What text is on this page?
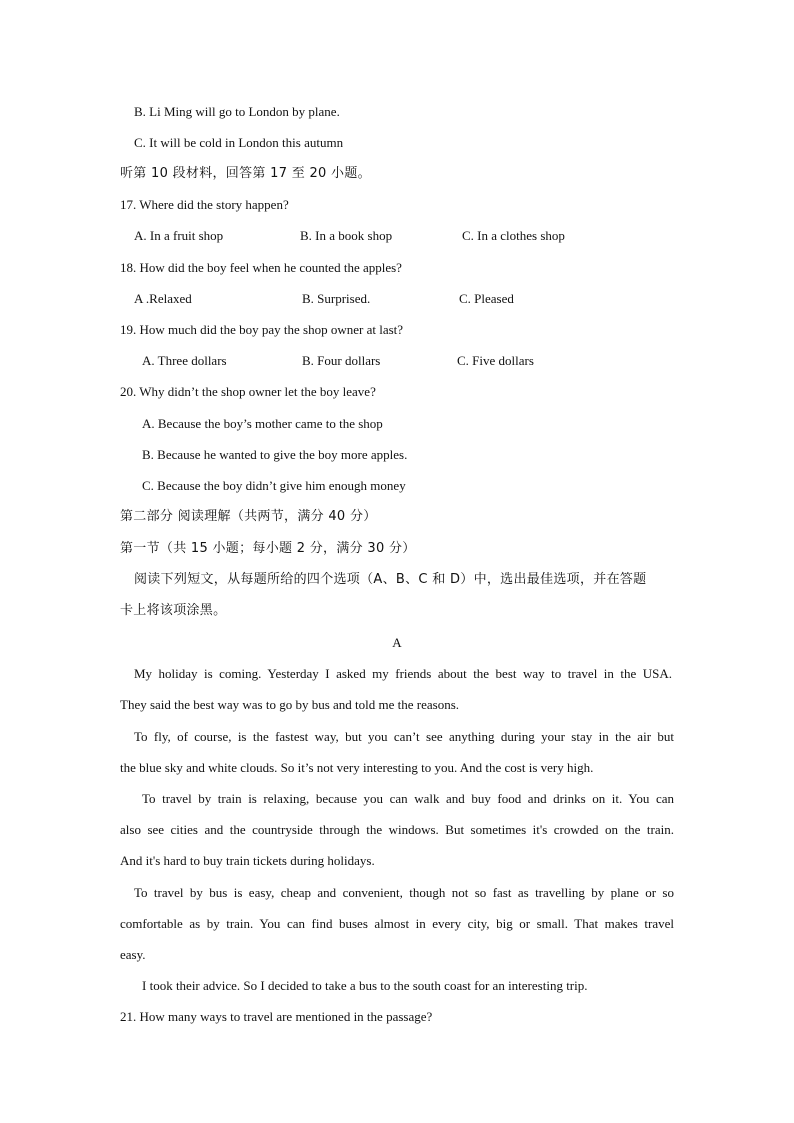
B. Li Ming will go to London by plane.
C. It will be cold in London this autumn
听第 10 段材料，回答第 17 至 20 小题。
17. Where did the story happen?
A. In a fruit shop	B. In a book shop	C. In a clothes shop
18. How did the boy feel when he counted the apples?
A .Relaxed	B. Surprised.	C. Pleased
19. How much did the boy pay the shop owner at last?
A. Three dollars	B. Four dollars	C. Five dollars
20. Why didn’t the shop owner let the boy leave?
A. Because the boy’s mother came to the shop
B. Because he wanted to give the boy more apples.
C. Because the boy didn’t give him enough money
第二部分 阅读理解（共两节，满分 40 分）
第一节（共 15 小题；每小题 2 分，满分 30 分）
阅读下列短文，从每题所给的四个选项（A、B、C 和 D）中，选出最佳选项，并在答题
卡上将该项涂黑。
A
My holiday is coming. Yesterday I asked my friends about the best way to travel in the USA.
They said the best way was to go by bus and told me the reasons.
To fly, of course, is the fastest way, but you can’t see anything during your stay in the air but
the blue sky and white clouds. So it’s not very interesting to you. And the cost is very high.
To travel by train is relaxing, because you can walk and buy food and drinks on it. You can
also see cities and the countryside through the windows. But sometimes it's crowded on the train.
And it's hard to buy train tickets during holidays.
To travel by bus is easy, cheap and convenient, though not so fast as travelling by plane or so
comfortable as by train. You can find buses almost in every city, big or small. That makes travel
easy.
I took their advice. So I decided to take a bus to the south coast for an interesting trip.
21. How many ways to travel are mentioned in the passage?
